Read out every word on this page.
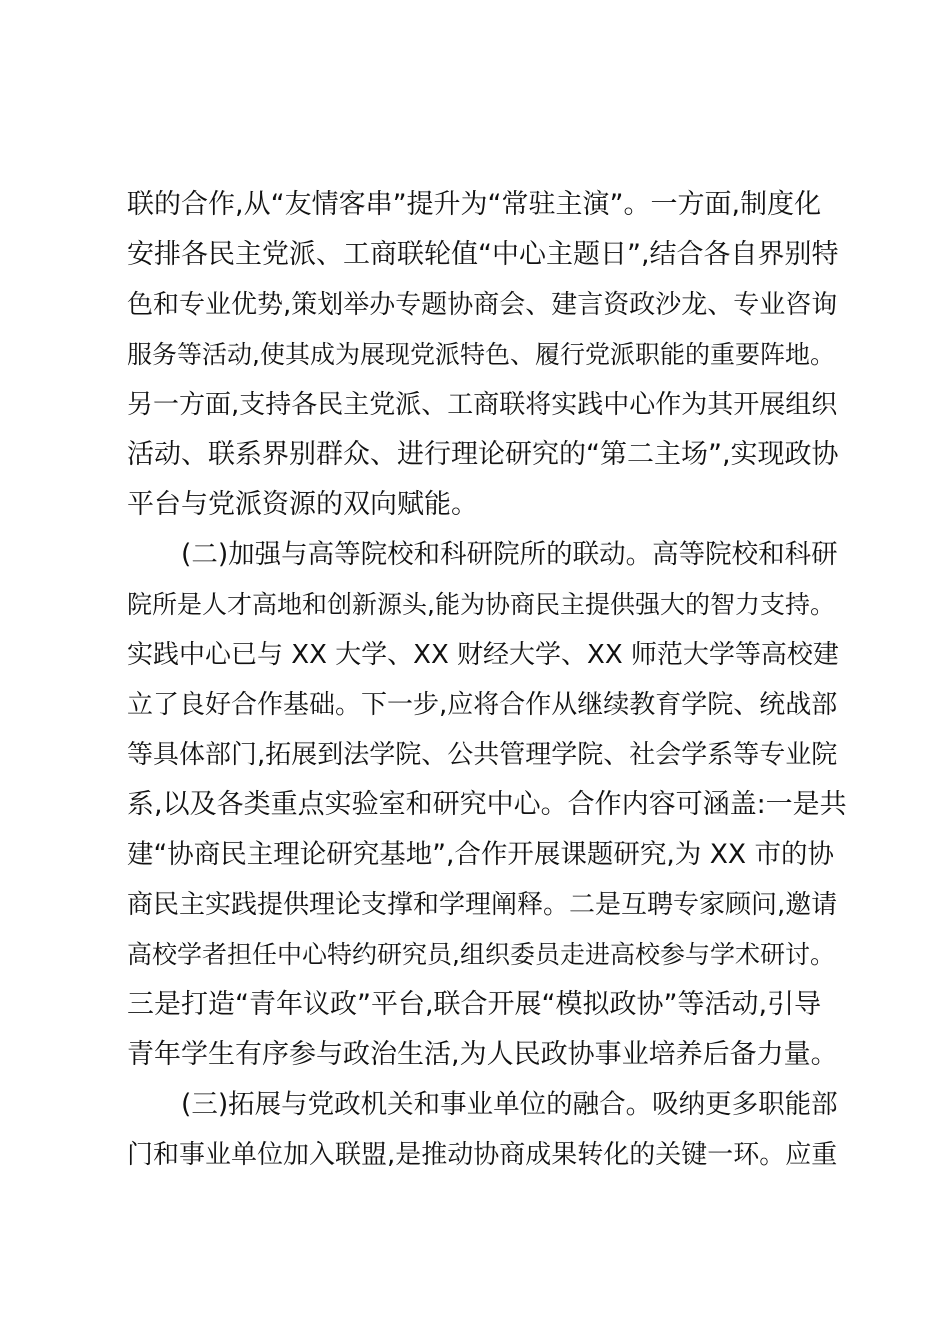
联的合作,从“友情客串”提升为“常驻主演”。一方面,制度化
安排各民主党派、工商联轮值“中心主题日”,结合各自界别特
色和专业优势,策划举办专题协商会、建言资政沙龙、专业咨询
服务等活动,使其成为展现党派特色、履行党派职能的重要阵地。
另一方面,支持各民主党派、工商联将实践中心作为其开展组织
活动、联系界别群众、进行理论研究的“第二主场”,实现政协
平台与党派资源的双向赋能。
(二)加强与高等院校和科研院所的联动。高等院校和科研
院所是人才高地和创新源头,能为协商民主提供强大的智力支持。
实践中心已与 XX 大学、XX 财经大学、XX 师范大学等高校建
立了良好合作基础。下一步,应将合作从继续教育学院、统战部
等具体部门,拓展到法学院、公共管理学院、社会学系等专业院
系,以及各类重点实验室和研究中心。合作内容可涵盖:一是共
建“协商民主理论研究基地”,合作开展课题研究,为 XX 市的协
商民主实践提供理论支撑和学理阐释。二是互聘专家顾问,邀请
高校学者担任中心特约研究员,组织委员走进高校参与学术研讨。
三是打造“青年议政”平台,联合开展“模拟政协”等活动,引导
青年学生有序参与政治生活,为人民政协事业培养后备力量。
(三)拓展与党政机关和事业单位的融合。吸纳更多职能部
门和事业单位加入联盟,是推动协商成果转化的关键一环。应重
